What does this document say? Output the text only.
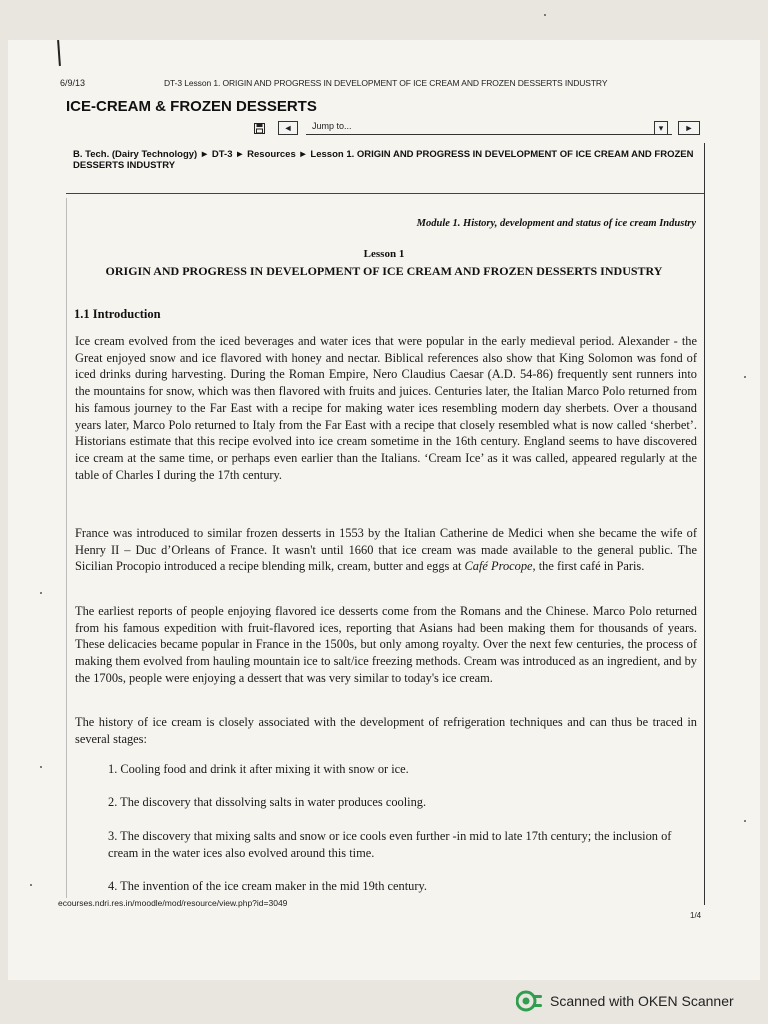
6/9/13	DT-3 Lesson 1. ORIGIN AND PROGRESS IN DEVELOPMENT OF ICE CREAM AND FROZEN DESSERTS INDUSTRY
ICE-CREAM & FROZEN DESSERTS
◄	Jump to...	▾	►
B. Tech. (Dairy Technology) ► DT-3 ► Resources ► Lesson 1. ORIGIN AND PROGRESS IN DEVELOPMENT OF ICE CREAM AND FROZEN DESSERTS INDUSTRY
Module 1. History, development and status of ice cream Industry
Lesson 1
ORIGIN AND PROGRESS IN DEVELOPMENT OF ICE CREAM AND FROZEN DESSERTS INDUSTRY
1.1 Introduction
Ice cream evolved from the iced beverages and water ices that were popular in the early medieval period. Alexander - the Great enjoyed snow and ice flavored with honey and nectar. Biblical references also show that King Solomon was fond of iced drinks during harvesting. During the Roman Empire, Nero Claudius Caesar (A.D. 54-86) frequently sent runners into the mountains for snow, which was then flavored with fruits and juices. Centuries later, the Italian Marco Polo returned from his famous journey to the Far East with a recipe for making water ices resembling modern day sherbets. Over a thousand years later, Marco Polo returned to Italy from the Far East with a recipe that closely resembled what is now called ‘sherbet’. Historians estimate that this recipe evolved into ice cream sometime in the 16th century. England seems to have discovered ice cream at the same time, or perhaps even earlier than the Italians. ‘Cream Ice’ as it was called, appeared regularly at the table of Charles I during the 17th century.
France was introduced to similar frozen desserts in 1553 by the Italian Catherine de Medici when she became the wife of Henry II – Duc d’Orleans of France. It wasn't until 1660 that ice cream was made available to the general public. The Sicilian Procopio introduced a recipe blending milk, cream, butter and eggs at Café Procope, the first café in Paris.
The earliest reports of people enjoying flavored ice desserts come from the Romans and the Chinese. Marco Polo returned from his famous expedition with fruit-flavored ices, reporting that Asians had been making them for thousands of years. These delicacies became popular in France in the 1500s, but only among royalty. Over the next few centuries, the process of making them evolved from hauling mountain ice to salt/ice freezing methods. Cream was introduced as an ingredient, and by the 1700s, people were enjoying a dessert that was very similar to today's ice cream.
The history of ice cream is closely associated with the development of refrigeration techniques and can thus be traced in several stages:
1. Cooling food and drink it after mixing it with snow or ice.
2. The discovery that dissolving salts in water produces cooling.
3. The discovery that mixing salts and snow or ice cools even further -in mid to late 17th century; the inclusion of cream in the water ices also evolved around this time.
4. The invention of the ice cream maker in the mid 19th century.
ecourses.ndri.res.in/moodle/mod/resource/view.php?id=3049
1/4
Scanned with OKEN Scanner
